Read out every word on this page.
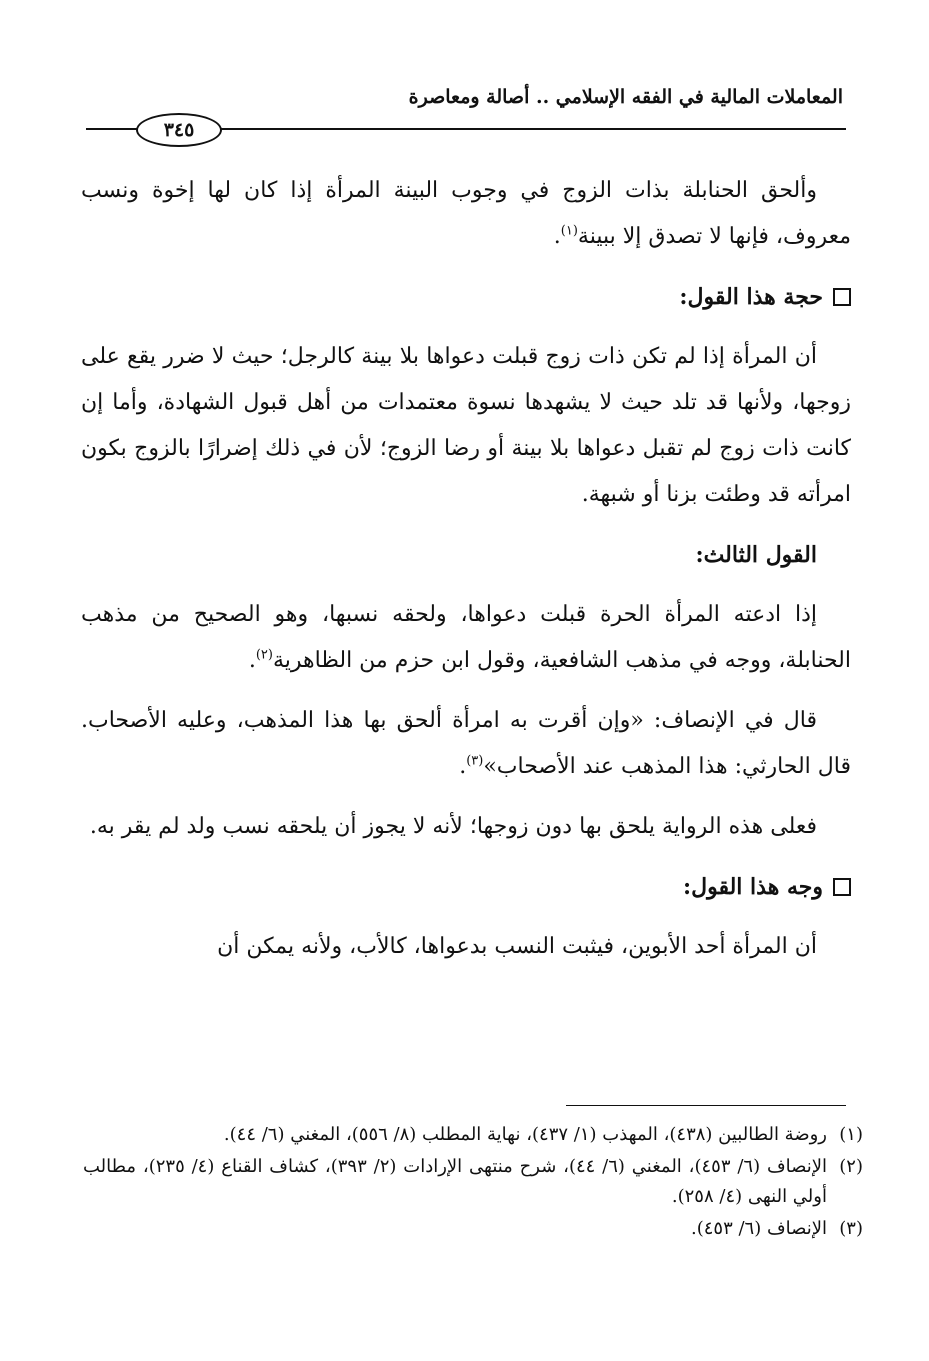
المعاملات المالية في الفقه الإسلامي .. أصالة ومعاصرة
٣٤٥

وألحق الحنابلة بذات الزوج في وجوب البينة المرأة إذا كان لها إخوة ونسب معروف، فإنها لا تصدق إلا ببينة$^{(١)}$.

حجة هذا القول:

أن المرأة إذا لم تكن ذات زوج قبلت دعواها بلا بينة كالرجل؛ حيث لا ضرر يقع على زوجها، ولأنها قد تلد حيث لا يشهدها نسوة معتمدات من أهل قبول الشهادة، وأما إن كانت ذات زوج لم تقبل دعواها بلا بينة أو رضا الزوج؛ لأن في ذلك إضرارًا بالزوج بكون امرأته قد وطئت بزنا أو شبهة.

القول الثالث:

إذا ادعته المرأة الحرة قبلت دعواها، ولحقه نسبها، وهو الصحيح من مذهب الحنابلة، ووجه في مذهب الشافعية، وقول ابن حزم من الظاهرية$^{(٢)}$.

قال في الإنصاف: «وإن أقرت به امرأة ألحق بها هذا المذهب، وعليه الأصحاب. قال الحارثي: هذا المذهب عند الأصحاب»$^{(٣)}$.

فعلى هذه الرواية يلحق بها دون زوجها؛ لأنه لا يجوز أن يلحقه نسب ولد لم يقر به.

وجه هذا القول:

أن المرأة أحد الأبوين، فيثبت النسب بدعواها، كالأب، ولأنه يمكن أن

(١)
روضة الطالبين (٤٣٨)، المهذب (١/ ٤٣٧)، نهاية المطلب (٨/ ٥٥٦)، المغني (٦/ ٤٤).

(٢)
الإنصاف (٦/ ٤٥٣)، المغني (٦/ ٤٤)، شرح منتهى الإرادات (٢/ ٣٩٣)، كشاف القناع (٤/ ٢٣٥)، مطالب أولي النهى (٤/ ٢٥٨).

(٣)
الإنصاف (٦/ ٤٥٣).
